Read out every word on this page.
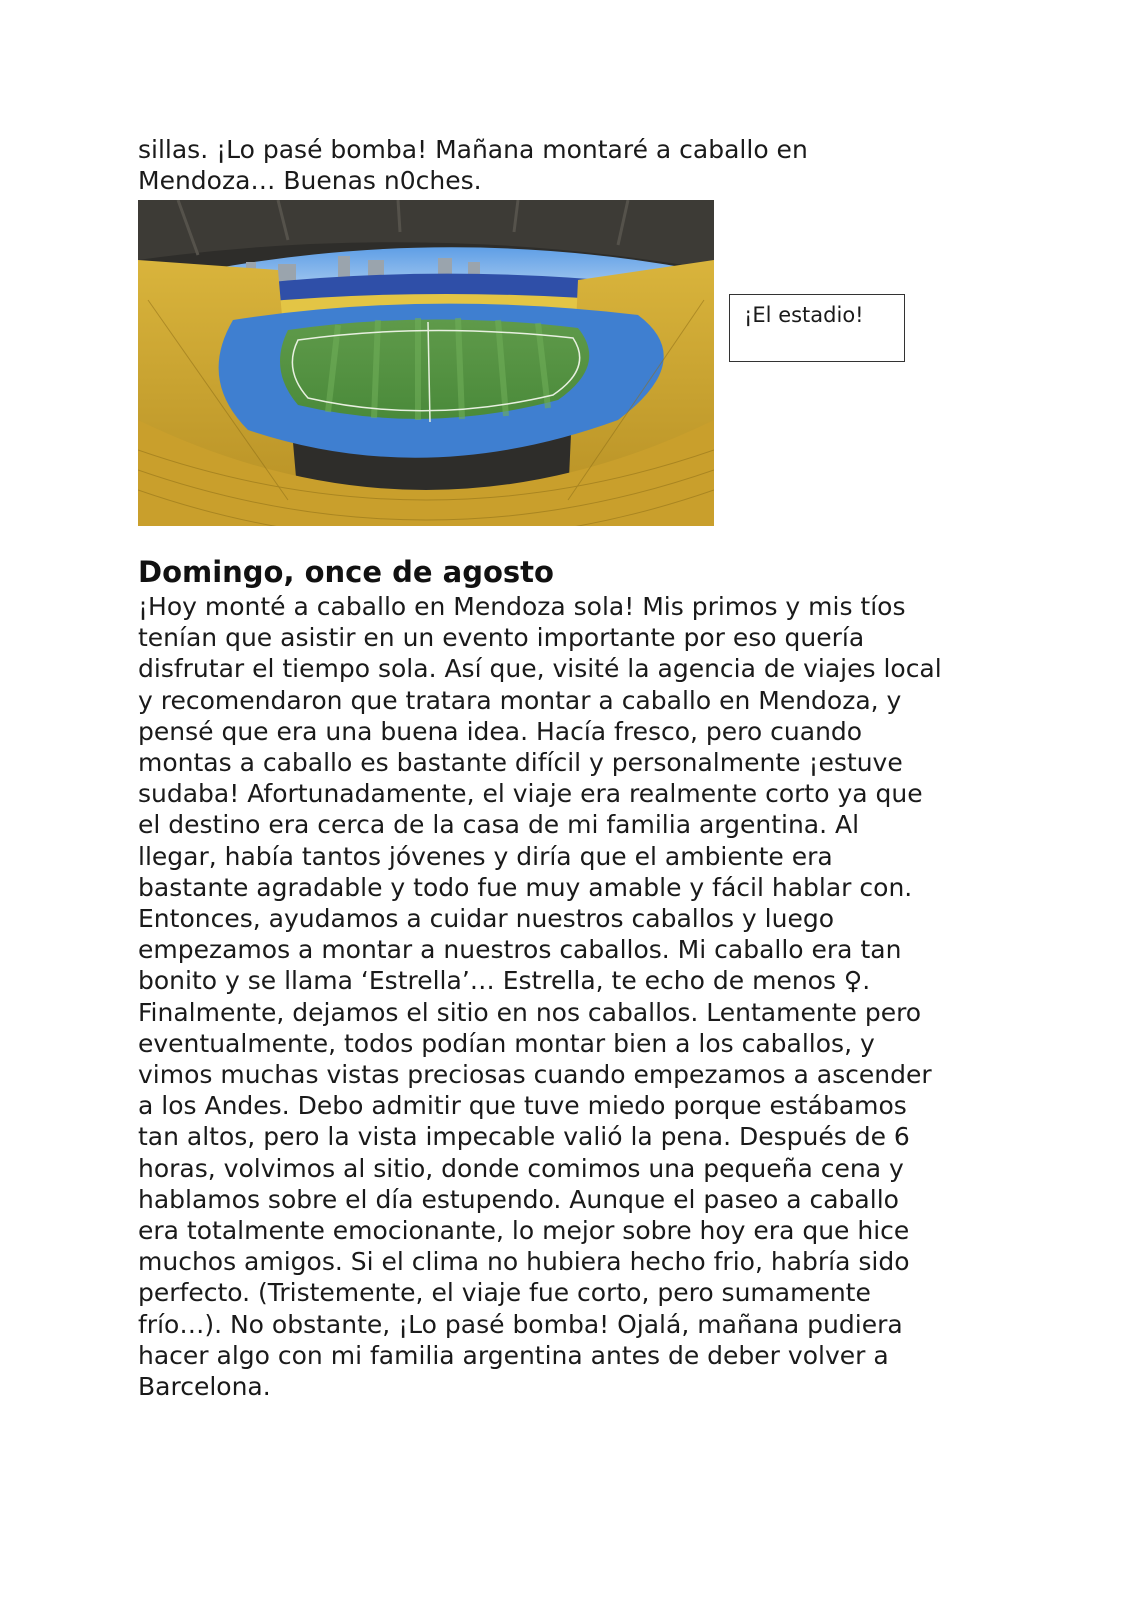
sillas. ¡Lo pasé bomba! Mañana montaré a caballo en
Mendoza… Buenas n0ches.

¡El estadio!
Domingo, once de agosto

¡Hoy monté a caballo en Mendoza sola! Mis primos y mis tíos
tenían que asistir en un evento importante por eso quería
disfrutar el tiempo sola. Así que, visité la agencia de viajes local
y recomendaron que tratara montar a caballo en Mendoza, y
pensé que era una buena idea. Hacía fresco, pero cuando
montas a caballo es bastante difícil y personalmente ¡estuve
sudaba! Afortunadamente, el viaje era realmente corto ya que
el destino era cerca de la casa de mi familia argentina. Al
llegar, había tantos jóvenes y diría que el ambiente era
bastante agradable y todo fue muy amable y fácil hablar con.
Entonces, ayudamos a cuidar nuestros caballos y luego
empezamos a montar a nuestros caballos. Mi caballo era tan
bonito y se llama ‘Estrella’… Estrella, te echo de menos ♀.
Finalmente, dejamos el sitio en nos caballos. Lentamente pero
eventualmente, todos podían montar bien a los caballos, y
vimos muchas vistas preciosas cuando empezamos a ascender
a los Andes. Debo admitir que tuve miedo porque estábamos
tan altos, pero la vista impecable valió la pena. Después de 6
horas, volvimos al sitio, donde comimos una pequeña cena y
hablamos sobre el día estupendo. Aunque el paseo a caballo
era totalmente emocionante, lo mejor sobre hoy era que hice
muchos amigos. Si el clima no hubiera hecho frio, habría sido
perfecto. (Tristemente, el viaje fue corto, pero sumamente
frío…). No obstante, ¡Lo pasé bomba! Ojalá, mañana pudiera
hacer algo con mi familia argentina antes de deber volver a
Barcelona.
